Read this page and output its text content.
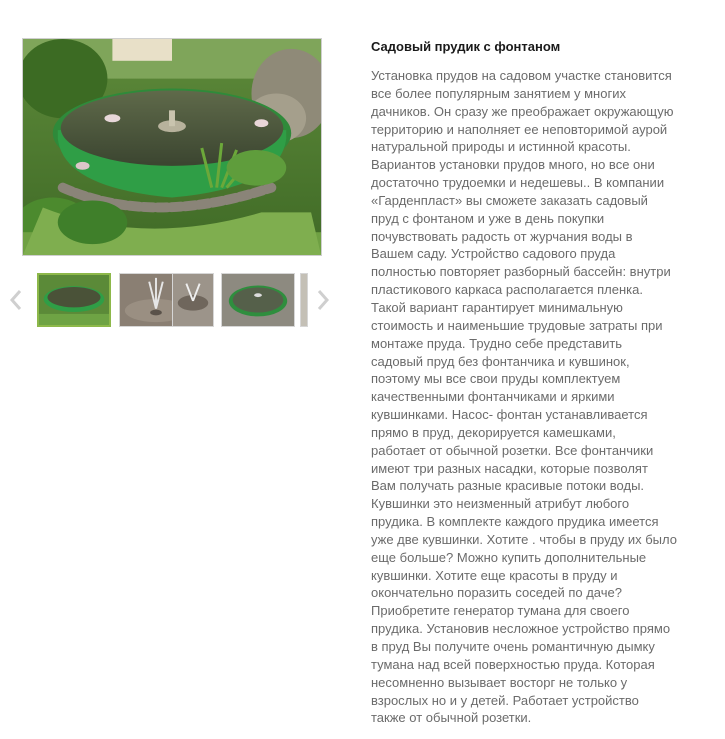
Садовый прудик с фонтаном
Установка прудов на садовом участке становится
все более популярным занятием у многих
дачников. Он сразу же преображает окружающую
территорию и наполняет ее неповторимой аурой
натуральной природы и истинной красоты.
Вариантов установки прудов много, но все они
достаточно трудоемки и недешевы.. В компании
«Гарденпласт» вы сможете заказать садовый
пруд с фонтаном и уже в день покупки
почувствовать радость от журчания воды в
Вашем саду. Устройство садового пруда
полностью повторяет разборный бассейн: внутри
пластикового каркаса располагается пленка.
Такой вариант гарантирует минимальную
стоимость и наименьшие трудовые затраты при
монтаже пруда. Трудно себе представить
садовый пруд без фонтанчика и кувшинок,
поэтому мы все свои пруды комплектуем
качественными фонтанчиками и яркими
кувшинками. Насос- фонтан устанавливается
прямо в пруд, декорируется камешками,
работает от обычной розетки. Все фонтанчики
имеют три разных насадки, которые позволят
Вам получать разные красивые потоки воды.
Кувшинки это неизменный атрибут любого
прудика. В комплекте каждого прудика имеется
уже две кувшинки. Хотите . чтобы в пруду их было
еще больше? Можно купить дополнительные
кувшинки. Хотите еще красоты в пруду и
окончательно поразить соседей по даче?
Приобретите генератор тумана для своего
прудика. Установив несложное устройство прямо
в пруд Вы получите очень романтичную дымку
тумана над всей поверхностью пруда. Которая
несомненно вызывает восторг не только у
взрослых но и у детей. Работает устройство
также от обычной розетки.
